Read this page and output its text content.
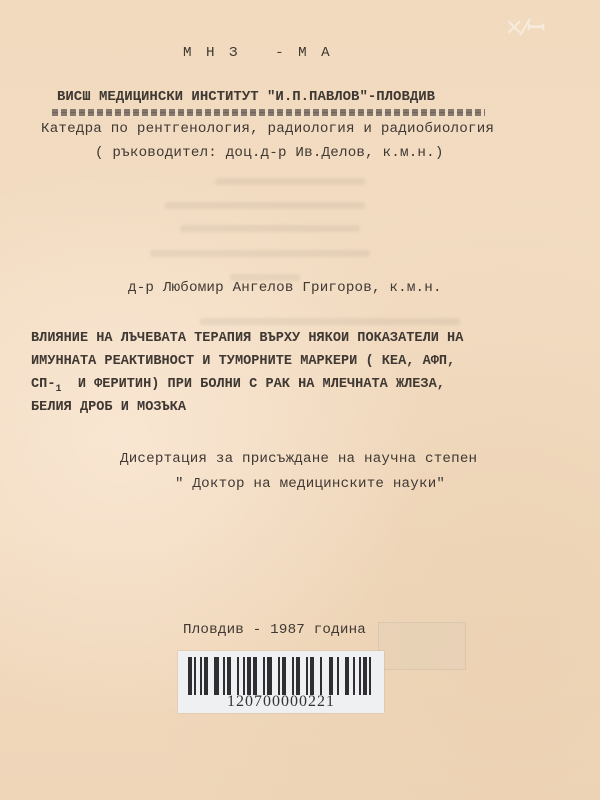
✕⁄ꟷ
М Н З   - М А
ВИСШ МЕДИЦИНСКИ ИНСТИТУТ "И.П.ПАВЛОВ"-ПЛОВДИВ
Катедра по рентгенология, радиология и радиобиология
( ръководител: доц.д-р Ив.Делов, к.м.н.)
д-р Любомир Ангелов Григоров, к.м.н.
ВЛИЯНИЕ НА ЛЪЧЕВАТА ТЕРАПИЯ ВЪРХУ НЯКОИ ПОКАЗАТЕЛИ НА
ИМУННАТА РЕАКТИВНОСТ И ТУМОРНИТЕ МАРКЕРИ ( КЕА, АФП,
$СП-_1$  И ФЕРИТИН) ПРИ БОЛНИ С РАК НА МЛЕЧНАТА ЖЛЕЗА,
БЕЛИЯ ДРОБ И МОЗЪКА
Дисертация за присъждане на научна степен
" Доктор на медицинските науки"
Пловдив - 1987 година
120700000221
